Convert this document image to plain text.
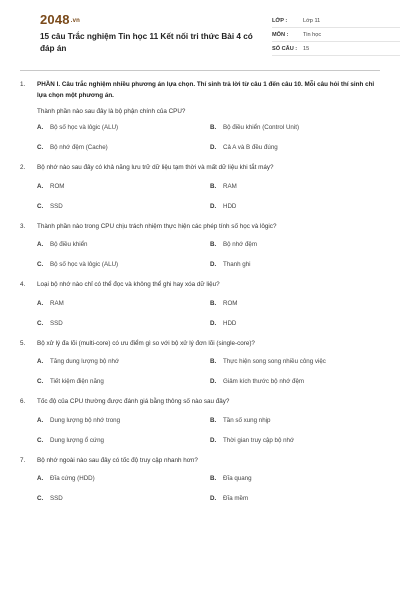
2048.vn
15 câu Trắc nghiệm Tin học 11 Kết nối tri thức Bài 4 có đáp án
LỚP :	Lớp 11
MÔN :	Tin học
SỐ CÂU :	15
1.	PHẦN I. Câu trắc nghiệm nhiều phương án lựa chọn. Thí sinh trả lời từ câu 1 đến câu 10. Mỗi câu hỏi thí sinh chỉ lựa chọn một phương án.
Thành phần nào sau đây là bộ phận chính của CPU?
A.	Bộ số học và lôgic (ALU)	B.	Bộ điều khiển (Control Unit)
C.	Bộ nhớ đệm (Cache)	D.	Cả A và B đều đúng
2.	Bộ nhớ nào sau đây có khả năng lưu trữ dữ liệu tạm thời và mất dữ liệu khi tắt máy?
A.	ROM	B.	RAM
C.	SSD	D.	HDD
3.	Thành phần nào trong CPU chịu trách nhiệm thực hiện các phép tính số học và lôgic?
A.	Bộ điều khiển	B.	Bộ nhớ đệm
C.	Bộ số học và lôgic (ALU)	D.	Thanh ghi
4.	Loại bộ nhớ nào chỉ có thể đọc và không thể ghi hay xóa dữ liệu?
A.	RAM	B.	ROM
C.	SSD	D.	HDD
5.	Bộ xử lý đa lõi (multi-core) có ưu điểm gì so với bộ xử lý đơn lõi (single-core)?
A.	Tăng dung lượng bộ nhớ	B.	Thực hiện song song nhiều công việc
C.	Tiết kiệm điện năng	D.	Giảm kích thước bộ nhớ đệm
6.	Tốc độ của CPU thường được đánh giá bằng thông số nào sau đây?
A.	Dung lượng bộ nhớ trong	B.	Tần số xung nhịp
C.	Dung lượng ổ cứng	D.	Thời gian truy cập bộ nhớ
7.	Bộ nhớ ngoài nào sau đây có tốc độ truy cập nhanh hơn?
A.	Đĩa cứng (HDD)	B.	Đĩa quang
C.	SSD	D.	Đĩa mềm
